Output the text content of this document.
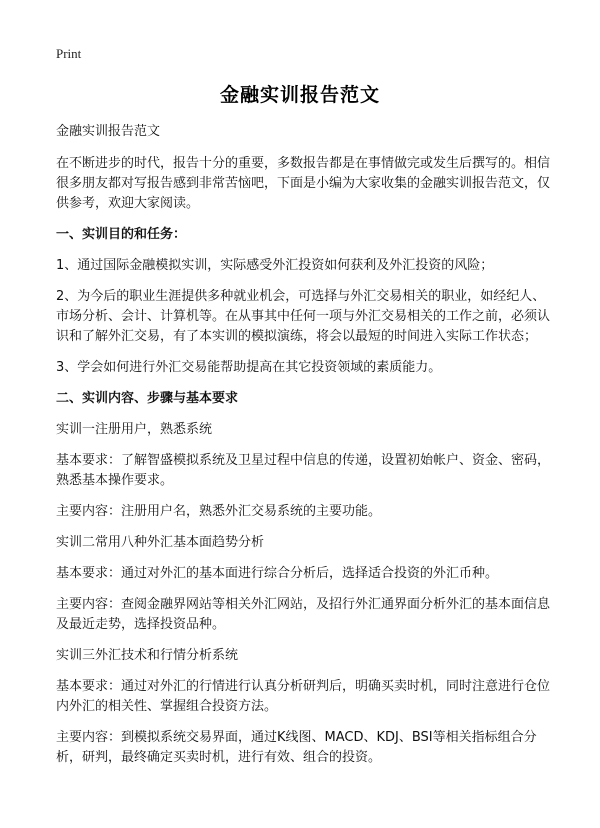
Print
金融实训报告范文

金融实训报告范文

在不断进步的时代，报告十分的重要，多数报告都是在事情做完或发生后撰写的。相信很多朋友都对写报告感到非常苦恼吧，下面是小编为大家收集的金融实训报告范文，仅供参考，欢迎大家阅读。

一、实训目的和任务：

1、通过国际金融模拟实训，实际感受外汇投资如何获利及外汇投资的风险；

2、为今后的职业生涯提供多种就业机会，可选择与外汇交易相关的职业，如经纪人、市场分析、会计、计算机等。在从事其中任何一项与外汇交易相关的工作之前，必须认识和了解外汇交易，有了本实训的模拟演练，将会以最短的时间进入实际工作状态；

3、学会如何进行外汇交易能帮助提高在其它投资领域的素质能力。

二、实训内容、步骤与基本要求

实训一注册用户，熟悉系统

基本要求：了解智盛模拟系统及卫星过程中信息的传递，设置初始帐户、资金、密码，熟悉基本操作要求。

主要内容：注册用户名，熟悉外汇交易系统的主要功能。

实训二常用八种外汇基本面趋势分析

基本要求：通过对外汇的基本面进行综合分析后，选择适合投资的外汇币种。

主要内容：查阅金融界网站等相关外汇网站，及招行外汇通界面分析外汇的基本面信息及最近走势，选择投资品种。

实训三外汇技术和行情分析系统

基本要求：通过对外汇的行情进行认真分析研判后，明确买卖时机，同时注意进行仓位内外汇的相关性、掌握组合投资方法。

主要内容：到模拟系统交易界面，通过K线图、MACD、KDJ、BSI等相关指标组合分析，研判，最终确定买卖时机，进行有效、组合的投资。
